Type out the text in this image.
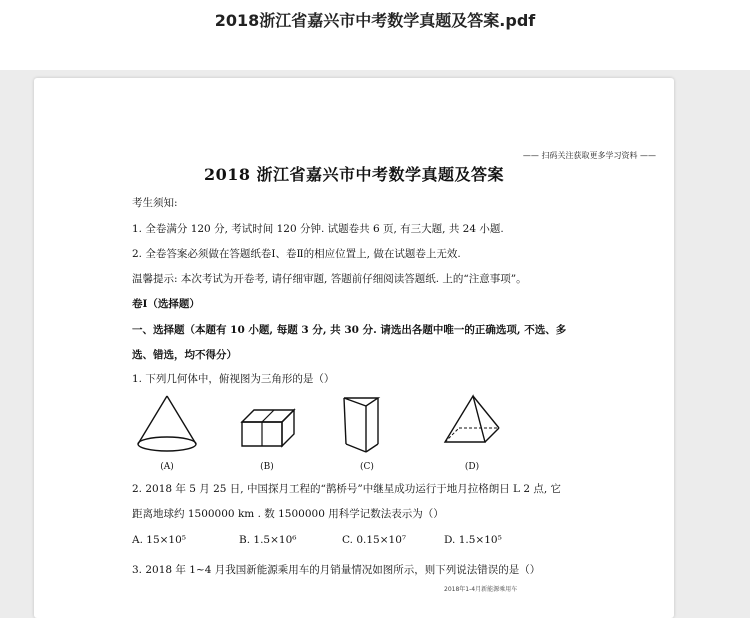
2018浙江省嘉兴市中考数学真题及答案.pdf
—— 扫码关注获取更多学习资料 ——
2018 浙江省嘉兴市中考数学真题及答案
考生须知:
1. 全卷满分 120 分, 考试时间 120 分钟. 试题卷共 6 页, 有三大题, 共 24 小题.
2. 全卷答案必须做在答题纸卷Ⅰ、卷Ⅱ的相应位置上, 做在试题卷上无效.
温馨提示: 本次考试为开卷考, 请仔细审题, 答题前仔细阅读答题纸. 上的“注意事项”。
卷Ⅰ（选择题）
一、选择题（本题有 10 小题, 每题 3 分, 共 30 分. 请选出各题中唯一的正确选项, 不选、多
选、错选，均不得分）
1. 下列几何体中，俯视图为三角形的是（）
(A)	(B)	(C)	(D)
2. 2018 年 5 月 25 日, 中国探月工程的“鹊桥号”中继星成功运行于地月拉格朗日 L 2 点, 它
距离地球约 1500000 km . 数 1500000 用科学记数法表示为（）
A. 15×10⁵	B. 1.5×10⁶	C. 0.15×10⁷	D. 1.5×10⁵
3. 2018 年 1~4 月我国新能源乘用车的月销量情况如图所示，则下列说法错误的是（）
2018年1-4月新能源乘用车
